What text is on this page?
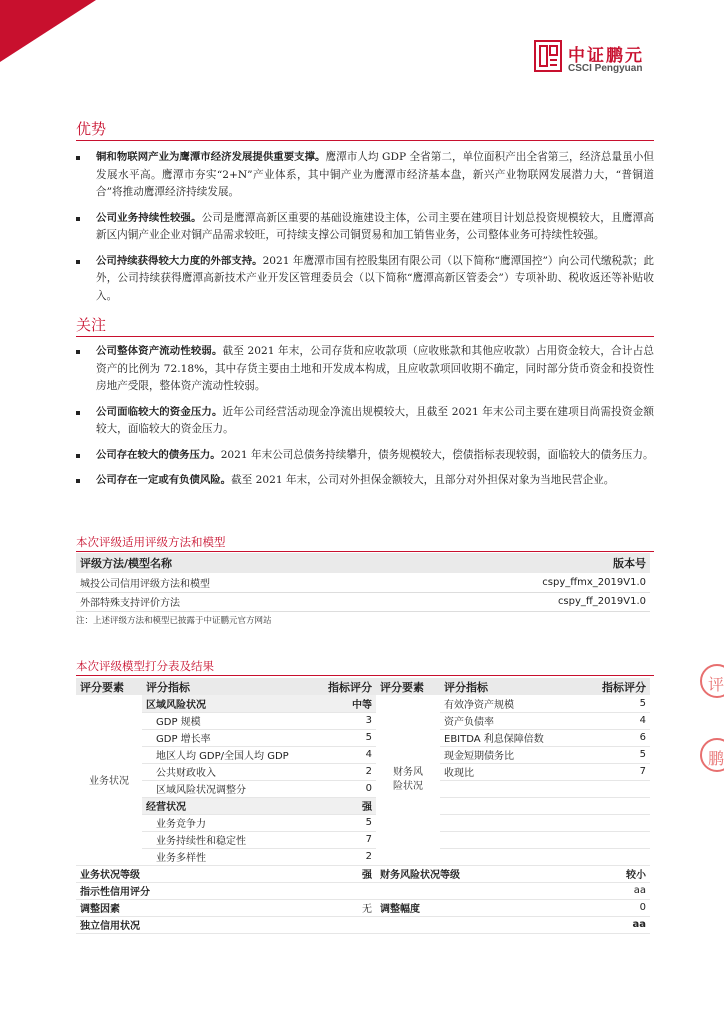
中证鹏元
CSCI Pengyuan
优势
铜和物联网产业为鹰潭市经济发展提供重要支撑。鹰潭市人均 GDP 全省第二，单位面积产出全省第三，经济总量虽小但发展水平高。鹰潭市夯实“2+N”产业体系，其中铜产业为鹰潭市经济基本盘，新兴产业物联网发展潜力大，“普铜道合”将推动鹰潭经济持续发展。
公司业务持续性较强。公司是鹰潭高新区重要的基础设施建设主体，公司主要在建项目计划总投资规模较大，且鹰潭高新区内铜产业企业对铜产品需求较旺，可持续支撑公司铜贸易和加工销售业务，公司整体业务可持续性较强。
公司持续获得较大力度的外部支持。2021 年鹰潭市国有控股集团有限公司（以下简称“鹰潭国控”）向公司代缴税款；此外，公司持续获得鹰潭高新技术产业开发区管理委员会（以下简称“鹰潭高新区管委会”）专项补助、税收返还等补贴收入。
关注
公司整体资产流动性较弱。截至 2021 年末，公司存货和应收款项（应收账款和其他应收款）占用资金较大，合计占总资产的比例为 72.18%，其中存货主要由土地和开发成本构成，且应收款项回收期不确定，同时部分货币资金和投资性房地产受限，整体资产流动性较弱。
公司面临较大的资金压力。近年公司经营活动现金净流出规模较大，且截至 2021 年末公司主要在建项目尚需投资金额较大，面临较大的资金压力。
公司存在较大的债务压力。2021 年末公司总债务持续攀升，债务规模较大，偿债指标表现较弱，面临较大的债务压力。
公司存在一定或有负债风险。截至 2021 年末，公司对外担保金额较大，且部分对外担保对象为当地民营企业。
本次评级适用评级方法和模型
评级方法/模型名称	版本号
城投公司信用评级方法和模型	cspy_ffmx_2019V1.0
外部特殊支持评价方法	cspy_ff_2019V1.0
注：上述评级方法和模型已披露于中证鹏元官方网站
本次评级模型打分表及结果
评分要素	评分指标	指标评分	评分要素	评分指标	指标评分
业务状况	区域风险状况	中等	财务风险状况	有效净资产规模	5
	GDP 规模	3		资产负债率	4
	GDP 增长率	5		EBITDA 利息保障倍数	6
	地区人均 GDP/全国人均 GDP	4		现金短期债务比	5
	公共财政收入	2		收现比	7
	区域风险状况调整分	0			
	经营状况	强			
	业务竞争力	5			
	业务持续性和稳定性	7			
	业务多样性	2			
业务状况等级		强	财务风险状况等级		较小
指示性信用评分					aa
调整因素		无	调整幅度		0
独立信用状况					aa
评
鹏
